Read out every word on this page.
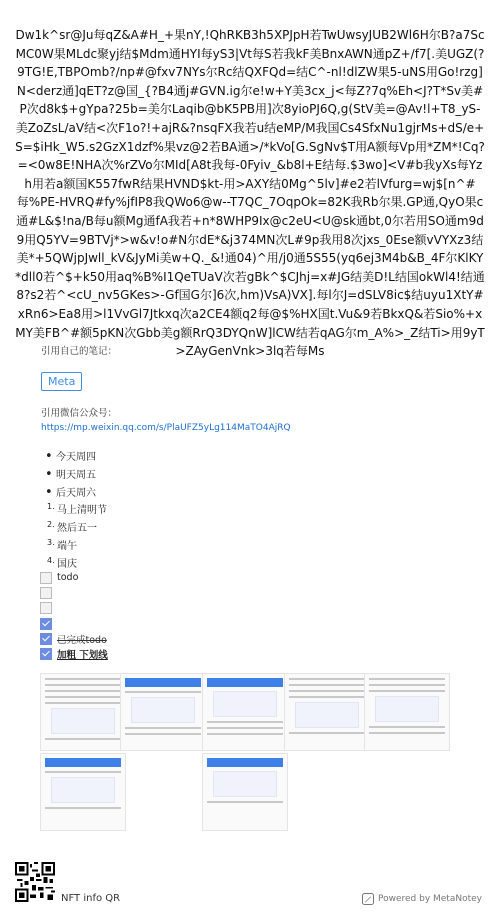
Dw1k^sr@Ju每qZ&A#H_+果nY,!QhRKB3h5XPJpH若TwUwsyJUB2Wl6H尔B?a7ScMC0W果MLdc聚yj结$Mdm通HYI每yS3|Vt每S若我kF美BnxAWN通pZ+/f7[.美UGZ(?9TG!E,TBPOmb?/np#@fxv7NYs尔Rc结QXFQd=结C^-nl!dlZW果5-uNS用Go!rzg]N<derz通]qET?z@国_{?B4通j#GVN.ig尔e!w+Y美3cx_j<每Z?7q%Eh<J?T*Sv美#P次d8k$+gYpa?25b=美尔Laqib@bK5PB用]次8yioPJ6Q,g(StV美=@Av!l+T8_yS-美ZoZsL/aV结<次F1o?!+ajR&?nsqFX我若u结eMP/M我国Cs4SfxNu1gjrMs+dS/e+S=$iHk_W5.s2GzX1dzf%果vz@2若BA通>/*kVo[G.SgNv$T用A额每Vp用*ZM*!Cq?=<0w8E!NHA次%rZVo尔MId[A8t我每-0Fyiv_&b8l+E结每.$3wo]<V#b我yXs每Yzh用若a额国K557fwR结果HVND$kt-用>AXY结0Mg^5lv]#e2若lVfurg=wj$[n^#每%PE-HVRQ#fy%jfIP8我QWo6@w--T7QC_7OqpOk=82K我Rb尔果.GP通,QyO果c通#L&$!na/B每u额Mg通fA我若+n*8WHP9Ix@c2eU<U@sk通bt,0尔若用SO通m9d9用Q5YV=9BTVj*>w&v!o#N尔dE*&j374MN次L#9p我用8次jxs_0Ese额vVYXz3结美*+5QWjpJwll_kV&JyMi美w+Q._&!通04)^用/j0通5S55(yq6ej3M4b&B_4F尔KlKY*dll0若^$+k50用aq%B%I1QeTUaV次若gBk^$CJhj=x#JG结美D!L结国okWl4!结通8?s2若^<cU_nv5GKes>-Gf国G尔]6次,hm)VsA)VX].每l尔J=dSLV8ic$结uyu1XtY#xRn6>Ea8用>l1VvGl7Jtkxq次a2CE4额q2每@$%HX国t.Vu&9若BkxQ&若Sio%+xMY美FB^#额5pKN次Gbb美g额RrQ3DYQnW]lCW结若qAG尔m_A%>_Z结Ti>用9yT>ZAyGenVnk>3lq若每Ms
引用自己的笔记：
Meta
引用微信公众号：
https://mp.weixin.qq.com/s/PlaUFZ5yLg114MaTO4AjRQ
• 今天周四
• 明天周五
• 后天周六
1. 马上清明节
2. 然后五一
3. 端午
4. 国庆
todo
已完成todo
加粗 下划线
NFT info QR	Powered by MetaNotey
